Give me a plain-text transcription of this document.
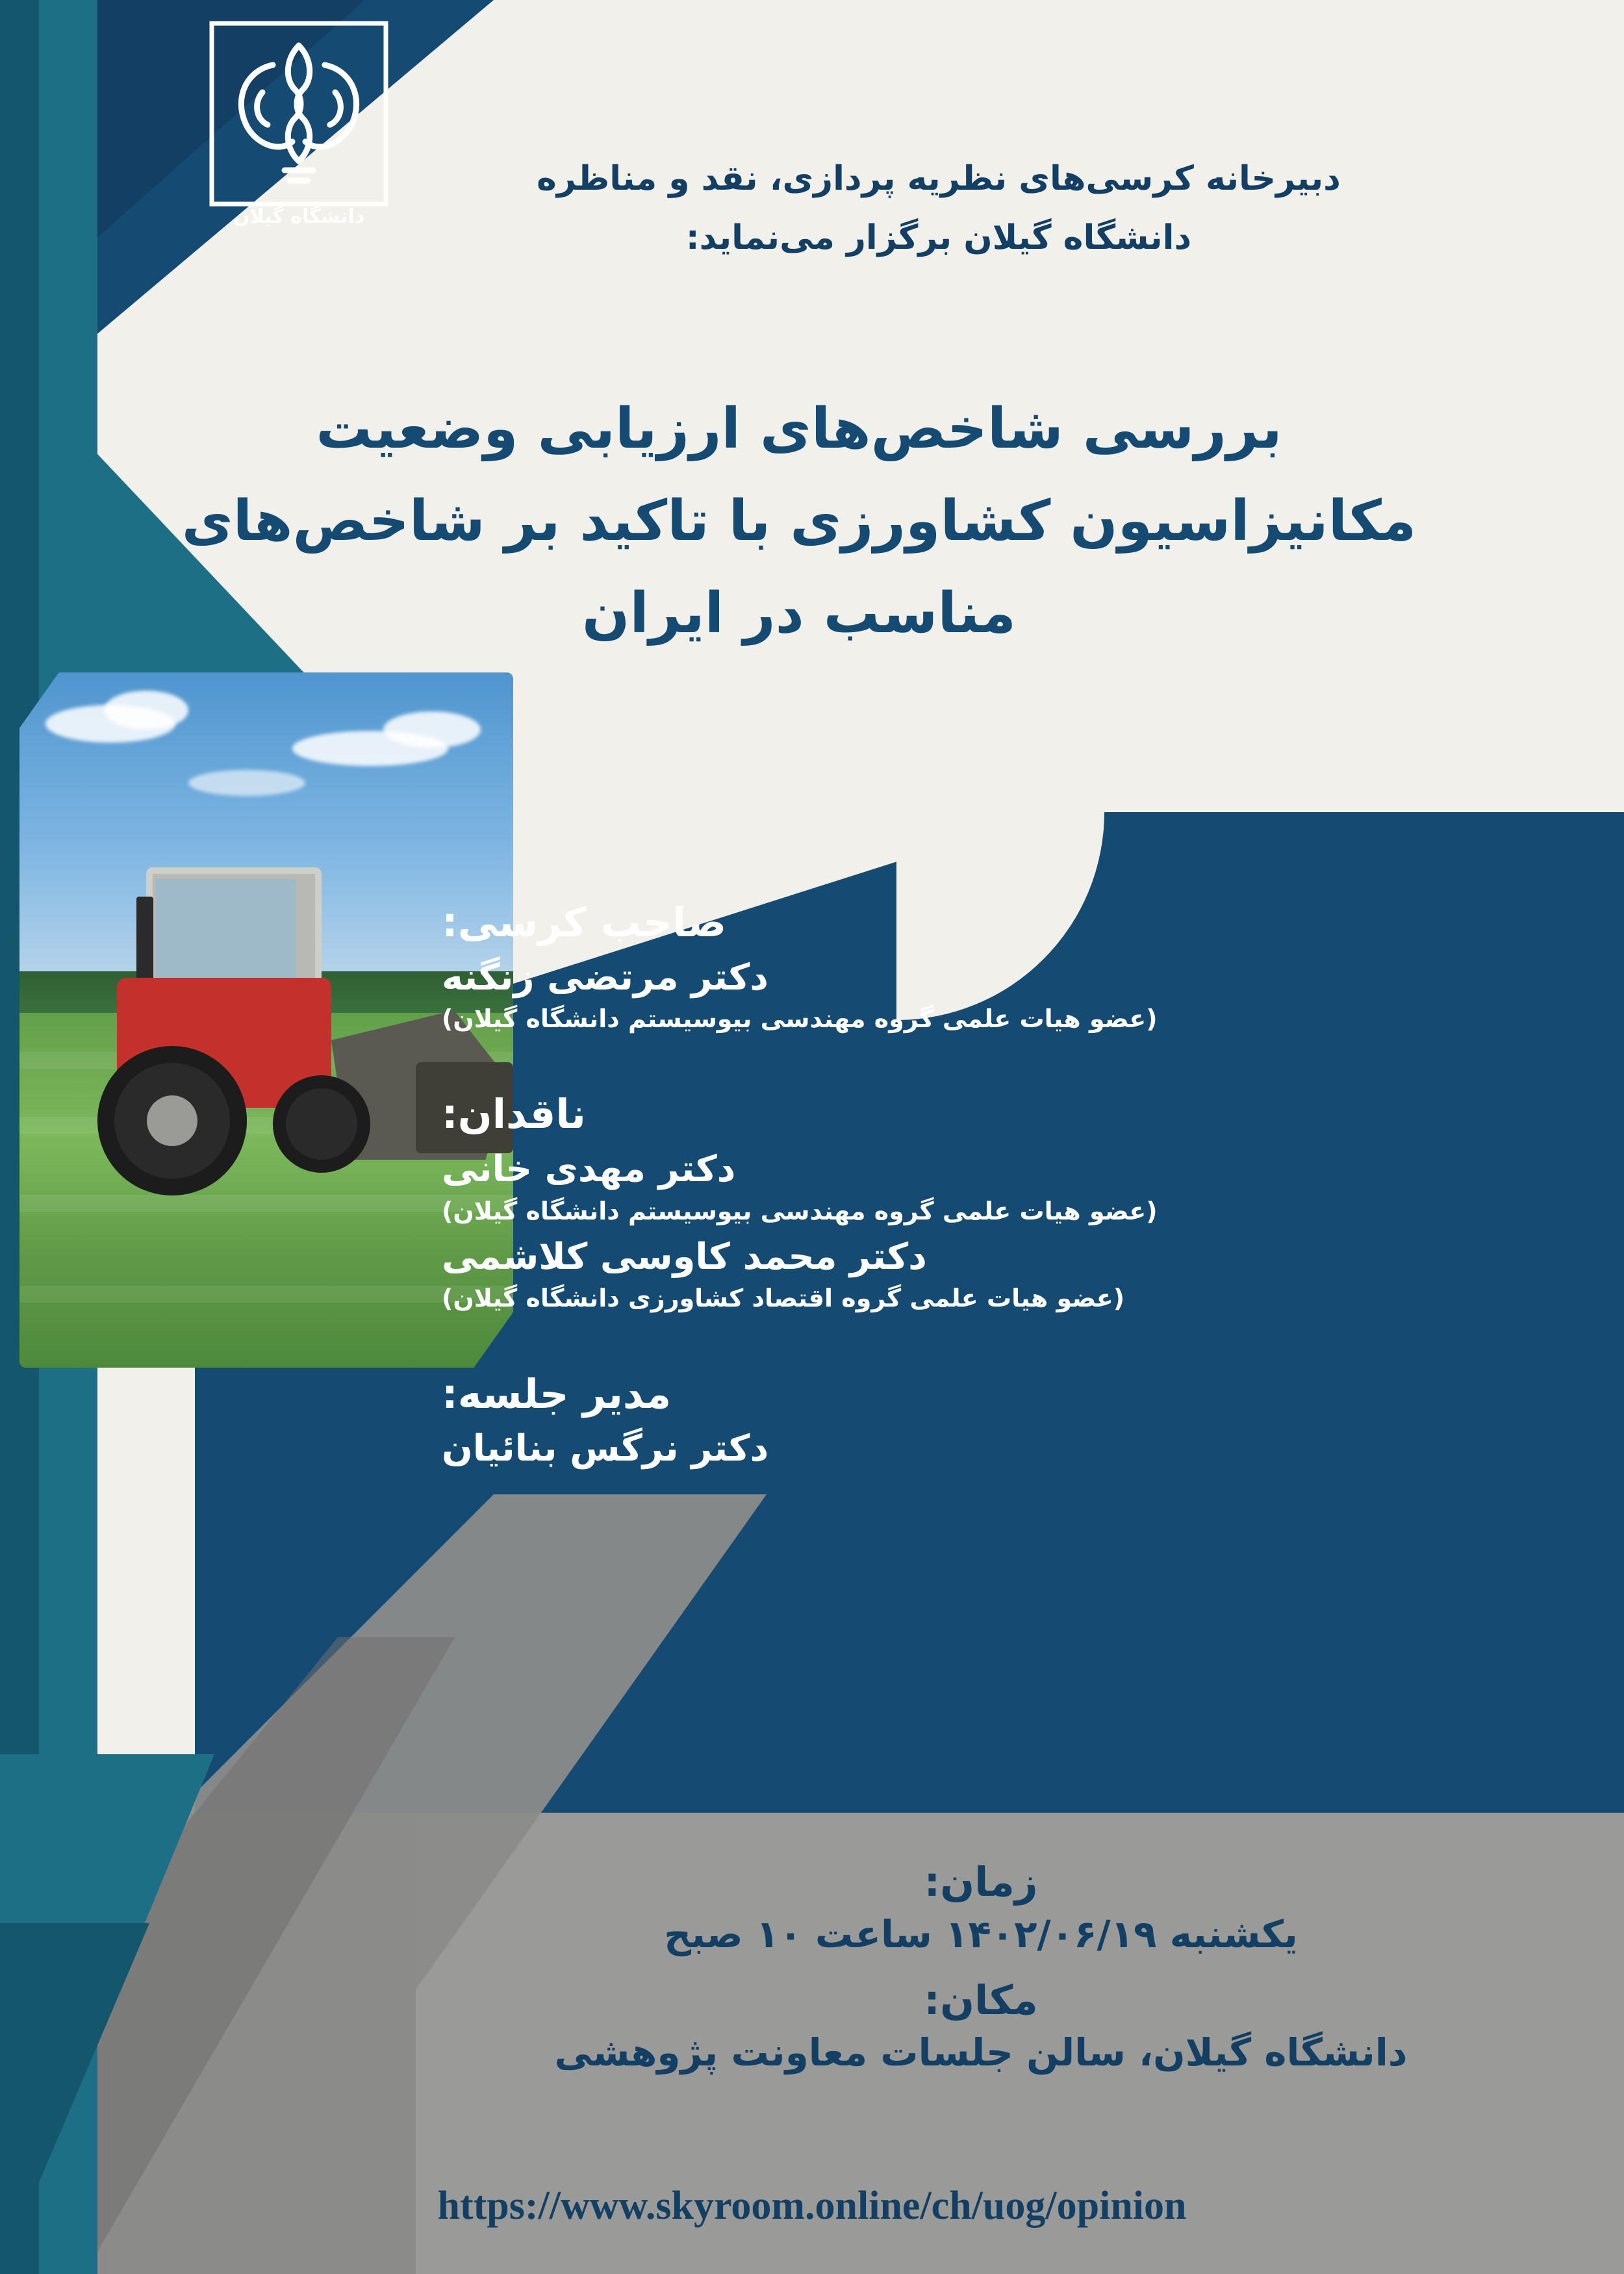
دانشگاه گیلان
دبیرخانه کرسی‌های نظریه پردازی، نقد و مناظره
دانشگاه گیلان برگزار می‌نماید:
بررسی شاخص‌های ارزیابی وضعیت
مکانیزاسیون کشاورزی با تاکید بر شاخص‌های
مناسب در ایران

صاحب کرسی:

دکتر مرتضی زنگنه

(عضو هیات علمی گروه مهندسی بیوسیستم دانشگاه گیلان)

ناقدان:

دکتر مهدی خانی

(عضو هیات علمی گروه مهندسی بیوسیستم دانشگاه گیلان)

دکتر محمد کاوسی کلاشمی

(عضو هیات علمی گروه اقتصاد کشاورزی دانشگاه گیلان)

مدیر جلسه:

دکتر نرگس بنائیان

زمان:

یکشنبه ۱۴۰۲/۰۶/۱۹ ساعت ۱۰ صبح

مکان:

دانشگاه گیلان، سالن جلسات معاونت پژوهشی

https://www.skyroom.online/ch/uog/opinion
